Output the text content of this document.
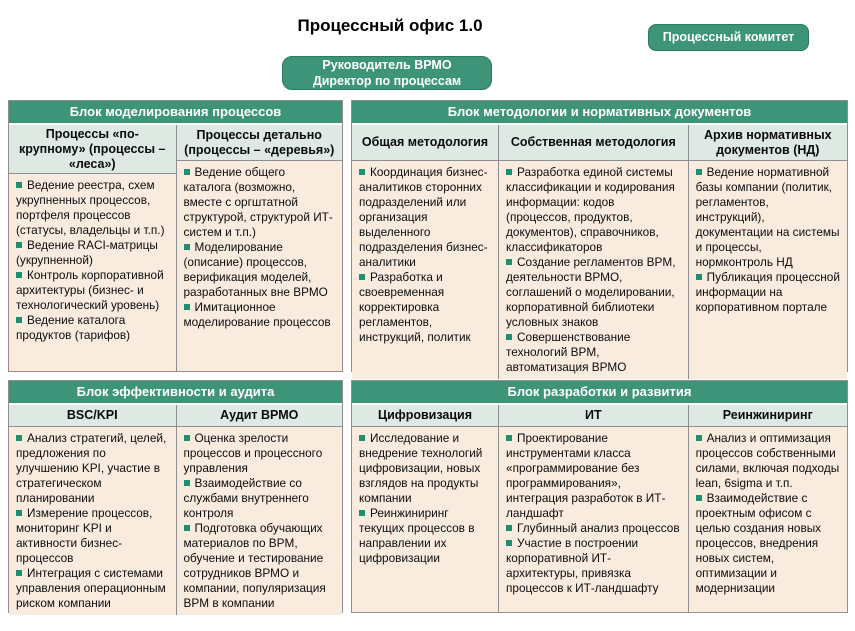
Процессный офис 1.0
Процессный комитет
Руководитель ВРМО
Директор по процессам
Блок моделирования процессов
Процессы «по-крупному» (процессы – «леса»)
Ведение реестра, схем укрупненных процессов, портфеля процессов (статусы, владельцы и т.п.)
Ведение RACI-матрицы (укрупненной)
Контроль корпоративной архитектуры (бизнес- и технологический уровень)
Ведение каталога продуктов (тарифов)
Процессы детально (процессы – «деревья»)
Ведение общего каталога (возможно, вместе с оргштатной структурой, структурой ИТ-систем и т.п.)
Моделирование (описание) процессов, верификация моделей, разработанных вне ВРМО
Имитационное моделирование процессов
Блок методологии и нормативных документов
Общая методология
Координация бизнес-аналитиков сторонних подразделений или организация выделенного подразделения бизнес-аналитики
Разработка и своевременная корректировка регламентов, инструкций, политик
Собственная методология
Разработка единой системы классификации и кодирования информации: кодов (процессов, продуктов, документов), справочников, классификаторов
Создание регламентов BPM, деятельности ВРМО, соглашений о моделировании, корпоративной библиотеки условных знаков
Совершенствование технологий BPM, автоматизация ВРМО
Архив нормативных документов (НД)
Ведение нормативной базы компании (политик, регламентов, инструкций), документации на системы и процессы, нормконтроль НД
Публикация процессной информации на корпоративном портале
Блок эффективности и аудита
BSC/KPI
Анализ стратегий, целей, предложения по улучшению KPI, участие в стратегическом планировании
Измерение процессов, мониторинг KPI и активности бизнес-процессов
Интеграция с системами управления операционным риском компании
Аудит ВРМО
Оценка зрелости процессов и процессного управления
Взаимодействие со службами внутреннего контроля
Подготовка обучающих материалов по BPM, обучение и тестирование сотрудников ВРМО и компании, популяризация BPM в компании
Блок разработки и развития
Цифровизация
Исследование и внедрение технологий цифровизации, новых взглядов на продукты компании
Реинжиниринг текущих процессов в направлении их цифровизации
ИТ
Проектирование инструментами класса «программирование без программирования», интеграция разработок в ИТ-ландшафт
Глубинный анализ процессов
Участие в построении корпоративной ИТ-архитектуры, привязка процессов к ИТ-ландшафту
Реинжиниринг
Анализ и оптимизация процессов собственными силами, включая подходы lean, 6sigma и т.п.
Взаимодействие с проектным офисом с целью создания новых процессов, внедрения новых систем, оптимизации и модернизации
